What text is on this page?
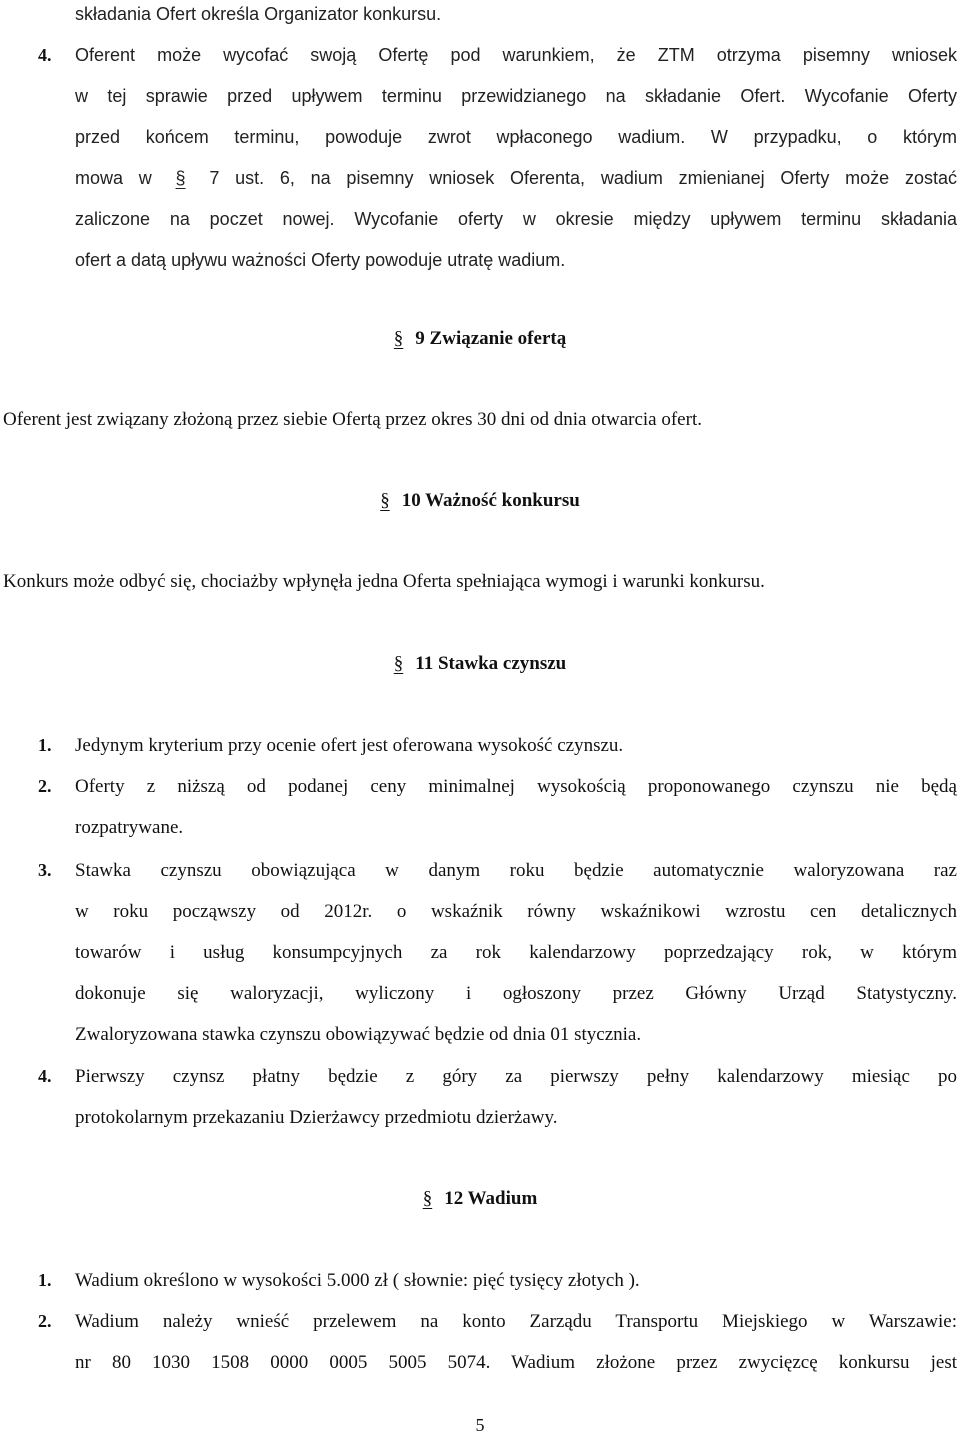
składania Ofert określa Organizator konkursu.
4. Oferent może wycofać swoją Ofertę pod warunkiem, że ZTM otrzyma pisemny wniosek
w tej sprawie przed upływem terminu przewidzianego na składanie Ofert. Wycofanie Oferty
przed końcem terminu, powoduje zwrot wpłaconego wadium. W przypadku, o którym
mowa w § 7 ust. 6, na pisemny wniosek Oferenta, wadium zmienianej Oferty może zostać
zaliczone na poczet nowej. Wycofanie oferty w okresie między upływem terminu składania
ofert a datą upływu ważności Oferty powoduje utratę wadium.
§ 9 Związanie ofertą
Oferent jest związany złożoną przez siebie Ofertą przez okres 30 dni od dnia otwarcia ofert.
§ 10 Ważność konkursu
Konkurs może odbyć się, chociażby wpłynęła jedna Oferta spełniająca wymogi i warunki konkursu.
§ 11 Stawka czynszu
1. Jedynym kryterium przy ocenie ofert jest oferowana wysokość czynszu.
2. Oferty z niższą od podanej ceny minimalnej wysokością proponowanego czynszu nie będą
rozpatrywane.
3. Stawka czynszu obowiązująca w danym roku będzie automatycznie waloryzowana raz
w roku począwszy od 2012r. o wskaźnik równy wskaźnikowi wzrostu cen detalicznych
towarów i usług konsumpcyjnych za rok kalendarzowy poprzedzający rok, w którym
dokonuje się waloryzacji, wyliczony i ogłoszony przez Główny Urząd Statystyczny.
Zwaloryzowana stawka czynszu obowiązywać będzie od dnia 01 stycznia.
4. Pierwszy czynsz płatny będzie z góry za pierwszy pełny kalendarzowy miesiąc po
protokolarnym przekazaniu Dzierżawcy przedmiotu dzierżawy.
§ 12 Wadium
1. Wadium określono w wysokości 5.000 zł ( słownie: pięć tysięcy złotych ).
2. Wadium należy wnieść przelewem na konto Zarządu Transportu Miejskiego w Warszawie:
nr 80 1030 1508 0000 0005 5005 5074. Wadium złożone przez zwycięzcę konkursu jest
5
